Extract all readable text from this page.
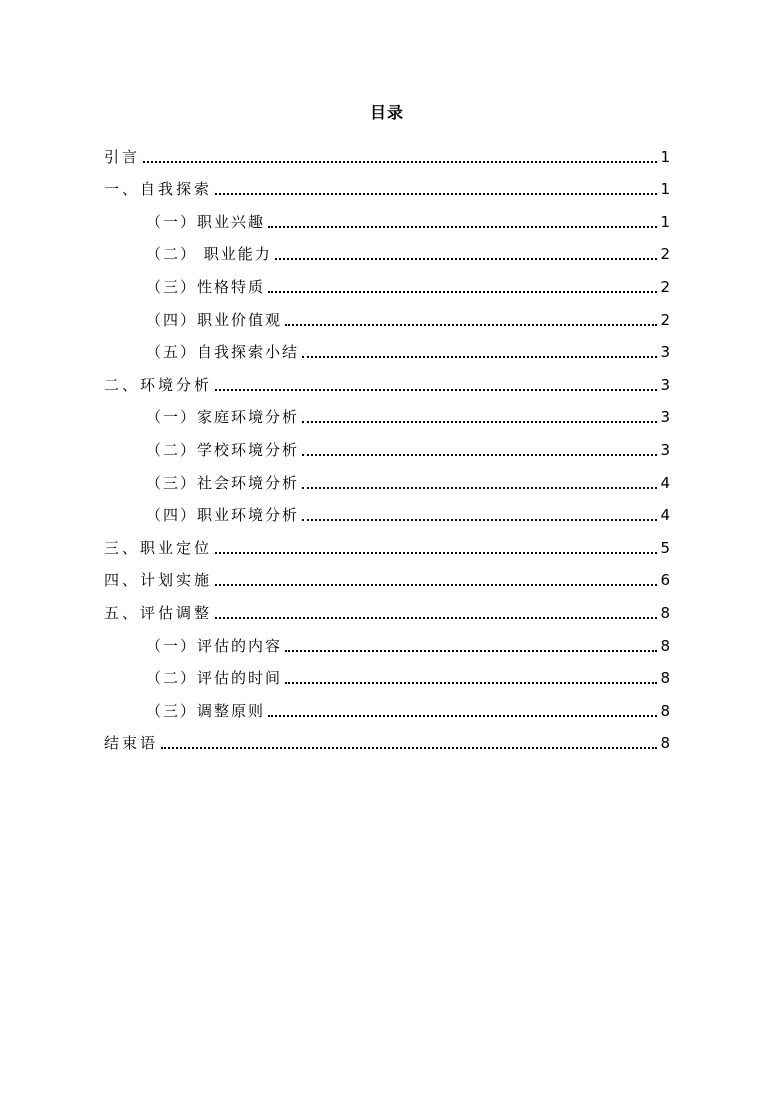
目录
引言	1
一、自我探索	1
（一）职业兴趣	1
（二） 职业能力	2
（三）性格特质	2
（四）职业价值观	2
（五）自我探索小结	3
二、环境分析	3
（一）家庭环境分析	3
（二）学校环境分析	3
（三）社会环境分析	4
（四）职业环境分析	4
三、职业定位	5
四、计划实施	6
五、评估调整	8
（一）评估的内容	8
（二）评估的时间	8
（三）调整原则	8
结束语	8
